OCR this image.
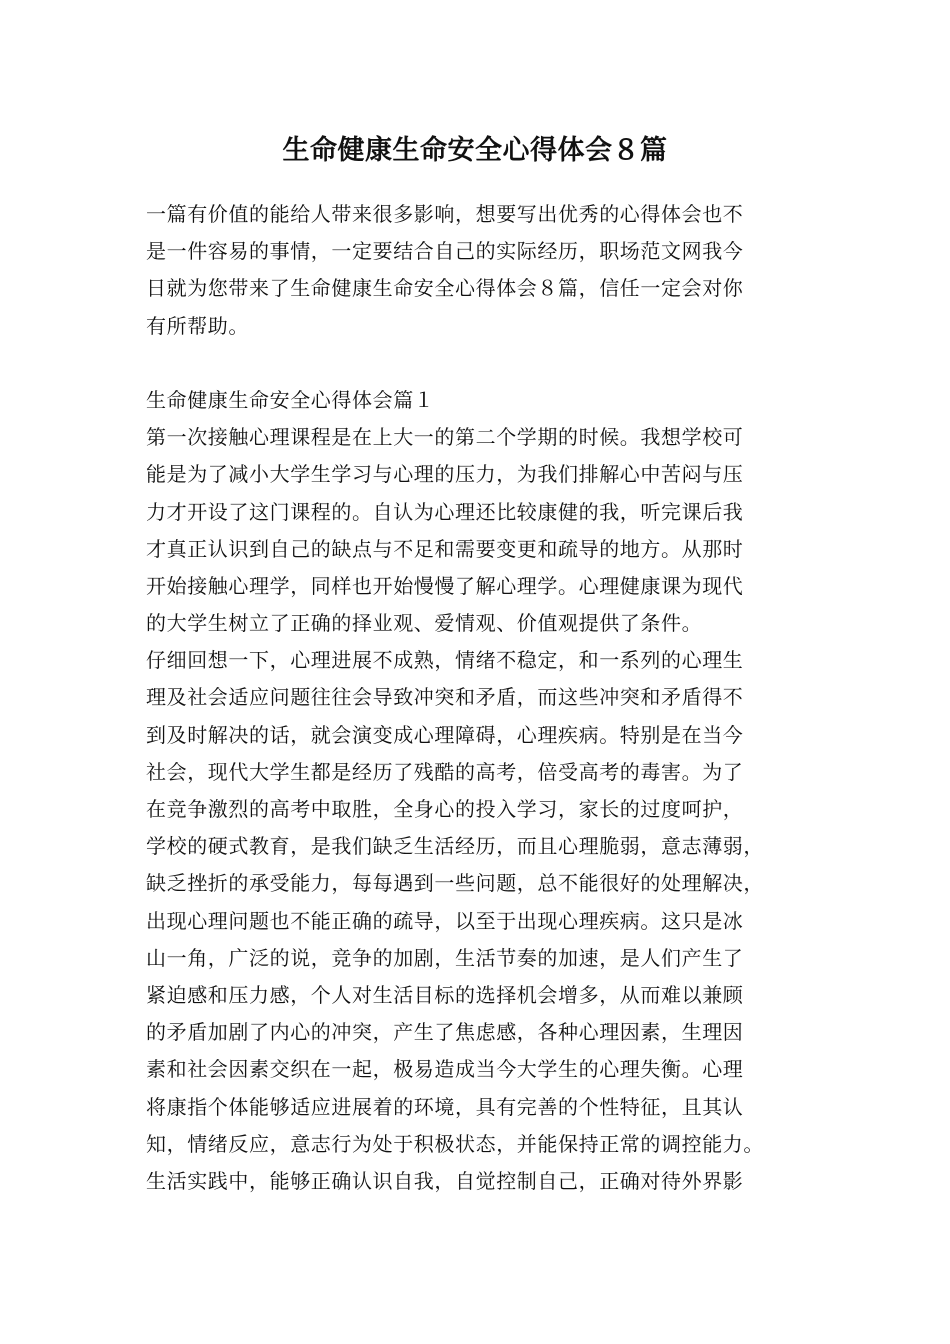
生命健康生命安全心得体会８篇
一篇有价值的能给人带来很多影响，想要写出优秀的心得体会也不
是一件容易的事情，一定要结合自己的实际经历，职场范文网我今
日就为您带来了生命健康生命安全心得体会８篇，信任一定会对你
有所帮助。
生命健康生命安全心得体会篇１
第一次接触心理课程是在上大一的第二个学期的时候。我想学校可
能是为了减小大学生学习与心理的压力，为我们排解心中苦闷与压
力才开设了这门课程的。自认为心理还比较康健的我，听完课后我
才真正认识到自己的缺点与不足和需要变更和疏导的地方。从那时
开始接触心理学，同样也开始慢慢了解心理学。心理健康课为现代
的大学生树立了正确的择业观、爱情观、价值观提供了条件。
仔细回想一下，心理进展不成熟，情绪不稳定，和一系列的心理生
理及社会适应问题往往会导致冲突和矛盾，而这些冲突和矛盾得不
到及时解决的话，就会演变成心理障碍，心理疾病。特别是在当今
社会，现代大学生都是经历了残酷的高考，倍受高考的毒害。为了
在竞争激烈的高考中取胜，全身心的投入学习，家长的过度呵护，
学校的硬式教育，是我们缺乏生活经历，而且心理脆弱，意志薄弱，
缺乏挫折的承受能力，每每遇到一些问题，总不能很好的处理解决，
出现心理问题也不能正确的疏导，以至于出现心理疾病。这只是冰
山一角，广泛的说，竞争的加剧，生活节奏的加速，是人们产生了
紧迫感和压力感，个人对生活目标的选择机会增多，从而难以兼顾
的矛盾加剧了内心的冲突，产生了焦虑感，各种心理因素，生理因
素和社会因素交织在一起，极易造成当今大学生的心理失衡。心理
将康指个体能够适应进展着的环境，具有完善的个性特征，且其认
知，情绪反应，意志行为处于积极状态，并能保持正常的调控能力。
生活实践中，能够正确认识自我，自觉控制自己，正确对待外界影
